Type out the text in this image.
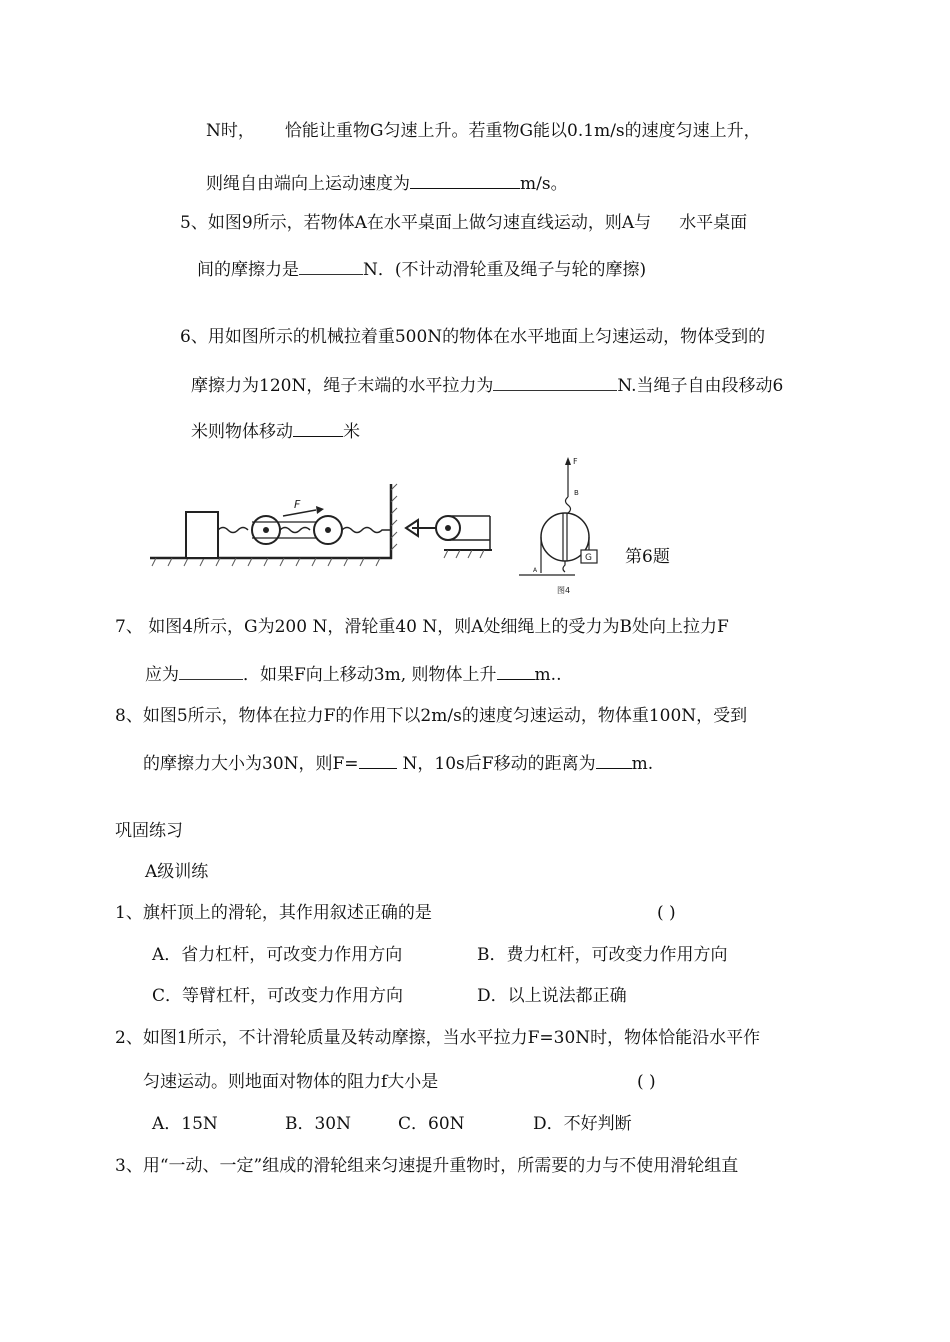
N时， 恰能让重物G匀速上升。若重物G能以0.1m/s的速度匀速上升，
则绳自由端向上运动速度为	m/s。
5、如图9所示，若物体A在水平桌面上做匀速直线运动，则A与 水平桌面
间的摩擦力是	N．(不计动滑轮重及绳子与轮的摩擦)
6、用如图所示的机械拉着重500N的物体在水平地面上匀速运动，物体受到的
摩擦力为120N，绳子末端的水平拉力为	N.当绳子自由段移动6
米则物体移动	米
F
F
B
G
A
图4
第6题
7、 如图4所示，G为200 N，滑轮重40 N，则A处细绳上的受力为B处向上拉力F
应为	．如果F向上移动3m, 则物体上升 m..
8、如图5所示，物体在拉力F的作用下以2m/s的速度匀速运动，物体重100N，受到
的摩擦力大小为30N，则F=	N，10s后F移动的距离为 m.
巩固练习
A级训练
1、旗杆顶上的滑轮，其作用叙述正确的是	( )
A．省力杠杆，可改变力作用方向	B．费力杠杆，可改变力作用方向
C．等臂杠杆，可改变力作用方向	D．以上说法都正确
2、如图1所示，不计滑轮质量及转动摩擦，当水平拉力F=30N时，物体恰能沿水平作
匀速运动。则地面对物体的阻力f大小是	( )
A．15N	B．30N	C．60N	D．不好判断
3、用“一动、一定”组成的滑轮组来匀速提升重物时，所需要的力与不使用滑轮组直
